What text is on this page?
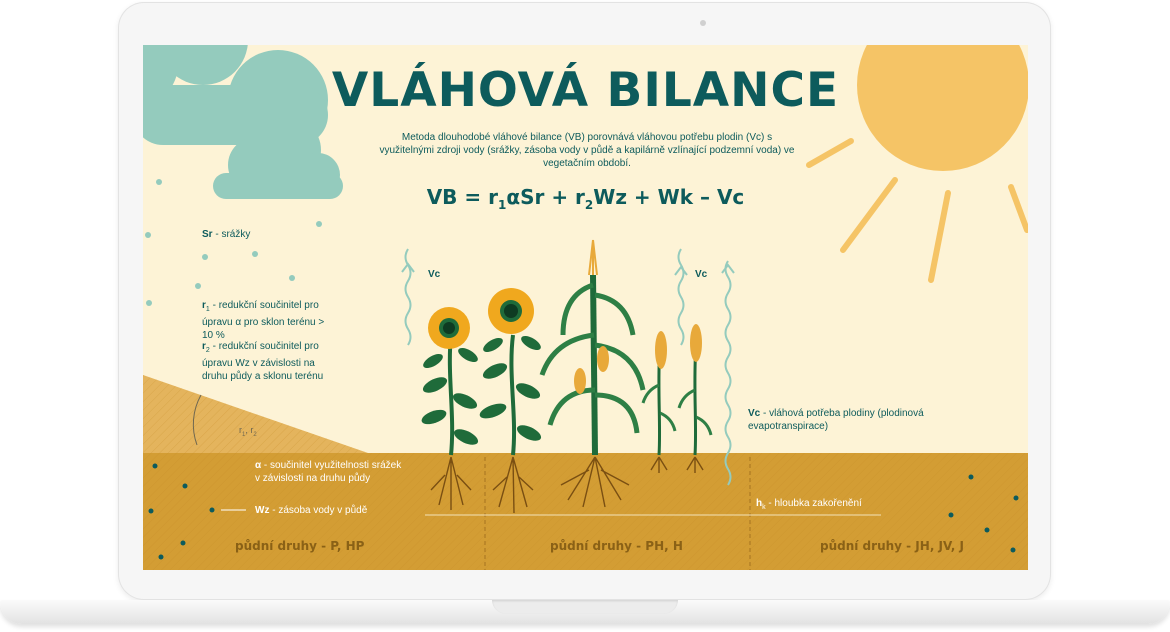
VLÁHOVÁ BILANCE
Metoda dlouhodobé vláhové bilance (VB) porovnává vláhovou potřebu plodin (Vc) s využitelnými zdroji vody (srážky, zásoba vody v půdě a kapilárně vzlínající podzemní voda) ve vegetačním období.
VB = $r_1\alpha Sr + r_2Wz + Wk - Vc$
Sr - srážky
$r_1$ - redukční součinitel pro úpravu α pro sklon terénu > 10 %
$r_2$ - redukční součinitel pro úpravu Wz v závislosti na druhu půdy a sklonu terénu
$r_1$, $r_2$
α - součinitel využitelnosti srážek v závislosti na druhu půdy
Wz - zásoba vody v půdě
Vc - vláhová potřeba plodiny (plodinová evapotranspirace)
$h_k$ - hloubka zakořenění
Vc	Vc
půdní druhy - P, HP	půdní druhy - PH, H	půdní druhy - JH, JV, J
